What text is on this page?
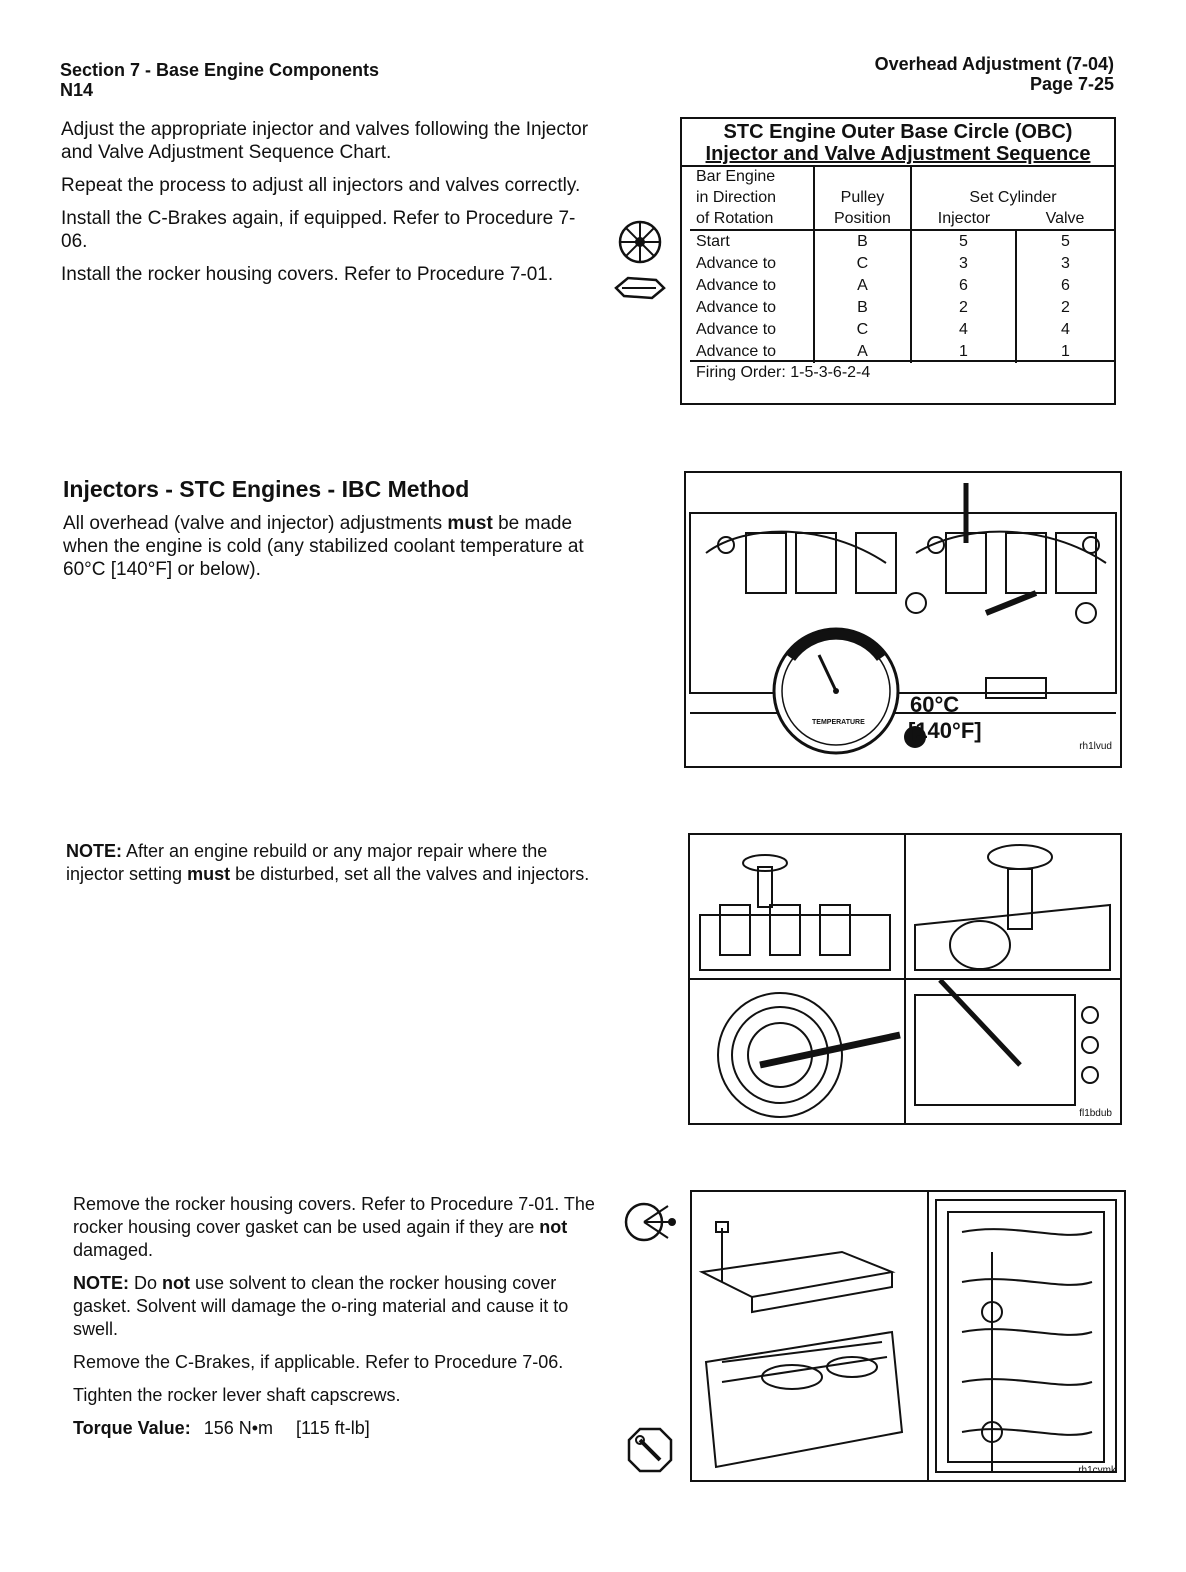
Section 7 - Base Engine Components
N14
Overhead Adjustment (7-04)
Page 7-25

Adjust the appropriate injector and valves following the Injector and Valve Adjustment Sequence Chart.

Repeat the process to adjust all injectors and valves correctly.

Install the C-Brakes again, if equipped. Refer to Procedure 7-06.

Install the rocker housing covers. Refer to Procedure 7-01.

STC Engine Outer Base Circle (OBC)
Injector and Valve Adjustment Sequence
Bar Engine
in Direction
of Rotation
Pulley
Position
Set Cylinder
Injector	Valve
Start	B	5	5
Advance to	C	3	3
Advance to	A	6	6
Advance to	B	2	2
Advance to	C	4	4
Advance to	A	1	1
Firing Order: 1-5-3-6-2-4
Injectors - STC Engines - IBC Method
All overhead (valve and injector) adjustments must be made when the engine is cold (any stabilized coolant temperature at 60°C [140°F] or below).
TEMPERATURE
60°C
[140°F]
rh1lvud
NOTE: After an engine rebuild or any major repair where the injector setting must be disturbed, set all the valves and injectors.
fl1bdub

Remove the rocker housing covers. Refer to Procedure 7-01. The rocker housing cover gasket can be used again if they are not damaged.

NOTE: Do not use solvent to clean the rocker housing cover gasket. Solvent will damage the o-ring material and cause it to swell.

Remove the C-Brakes, if applicable. Refer to Procedure 7-06.

Tighten the rocker lever shaft capscrews.

Torque Value: 156 N•m [115 ft-lb]

rh1cvmk
